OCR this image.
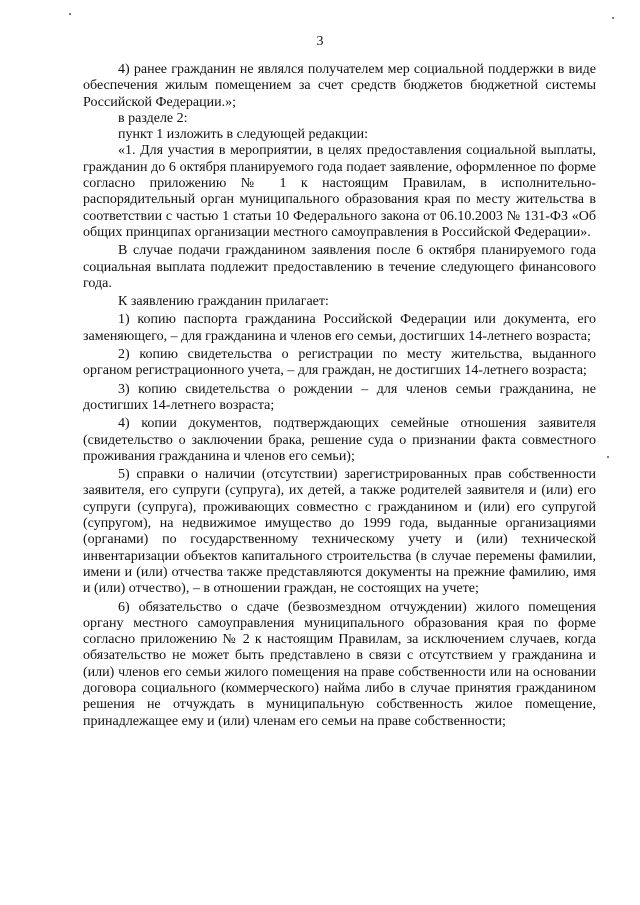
3

4) ранее гражданин не являлся получателем мер социальной поддержки в виде обеспечения жилым помещением за счет средств бюджетов бюджетной системы Российской Федерации.»;

в разделе 2:

пункт 1 изложить в следующей редакции:

«1. Для участия в мероприятии, в целях предоставления социальной выплаты, гражданин до 6 октября планируемого года подает заявление, оформленное по форме согласно приложению № 1 к настоящим Правилам, в исполнительно-распорядительный орган муниципального образования края по месту жительства в соответствии с частью 1 статьи 10 Федерального закона от 06.10.2003 № 131-ФЗ «Об общих принципах организации местного самоуправления в Российской Федерации».

В случае подачи гражданином заявления после 6 октября планируемого года социальная выплата подлежит предоставлению в течение следующего финансового года.

К заявлению гражданин прилагает:

1) копию паспорта гражданина Российской Федерации или документа, его заменяющего, – для гражданина и членов его семьи, достигших 14-летнего возраста;

2) копию свидетельства о регистрации по месту жительства, выданного органом регистрационного учета, – для граждан, не достигших 14-летнего возраста;

3) копию свидетельства о рождении – для членов семьи гражданина, не достигших 14-летнего возраста;

4) копии документов, подтверждающих семейные отношения заявителя (свидетельство о заключении брака, решение суда о признании факта совместного проживания гражданина и членов его семьи);

5) справки о наличии (отсутствии) зарегистрированных прав собственности заявителя, его супруги (супруга), их детей, а также родителей заявителя и (или) его супруги (супруга), проживающих совместно с гражданином и (или) его супругой (супругом), на недвижимое имущество до 1999 года, выданные организациями (органами) по государственному техническому учету и (или) технической инвентаризации объектов капитального строительства (в случае перемены фамилии, имени и (или) отчества также представляются документы на прежние фамилию, имя и (или) отчество), – в отношении граждан, не состоящих на учете;

6) обязательство о сдаче (безвозмездном отчуждении) жилого помещения органу местного самоуправления муниципального образования края по форме согласно приложению № 2 к настоящим Правилам, за исключением случаев, когда обязательство не может быть представлено в связи с отсутствием у гражданина и (или) членов его семьи жилого помещения на праве собственности или на основании договора социального (коммерческого) найма либо в случае принятия гражданином решения не отчуждать в муниципальную собственность жилое помещение, принадлежащее ему и (или) членам его семьи на праве собственности;
